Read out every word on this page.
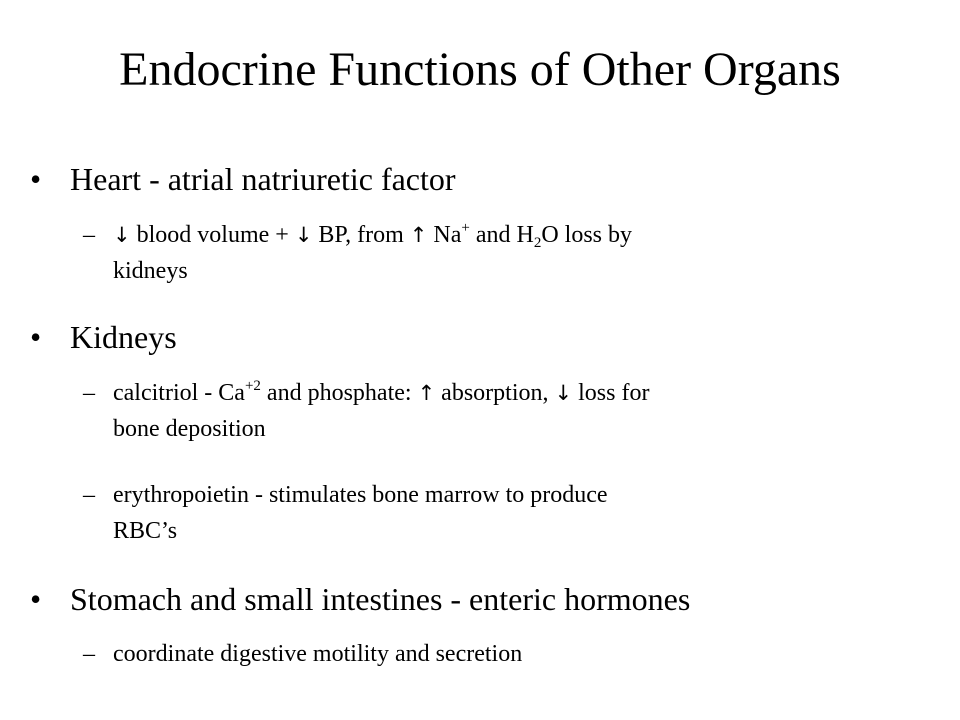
Endocrine Functions of Other Organs
• Heart - atrial natriuretic factor
– ↓ blood volume + ↓ BP, from ↑ Na+ and $H_2O$ loss by
kidneys
• Kidneys
– calcitriol - $Ca^{+2}$ and phosphate: ↑ absorption, ↓ loss for
bone deposition
– erythropoietin - stimulates bone marrow to produce
RBC’s
• Stomach and small intestines - enteric hormones
– coordinate digestive motility and secretion
